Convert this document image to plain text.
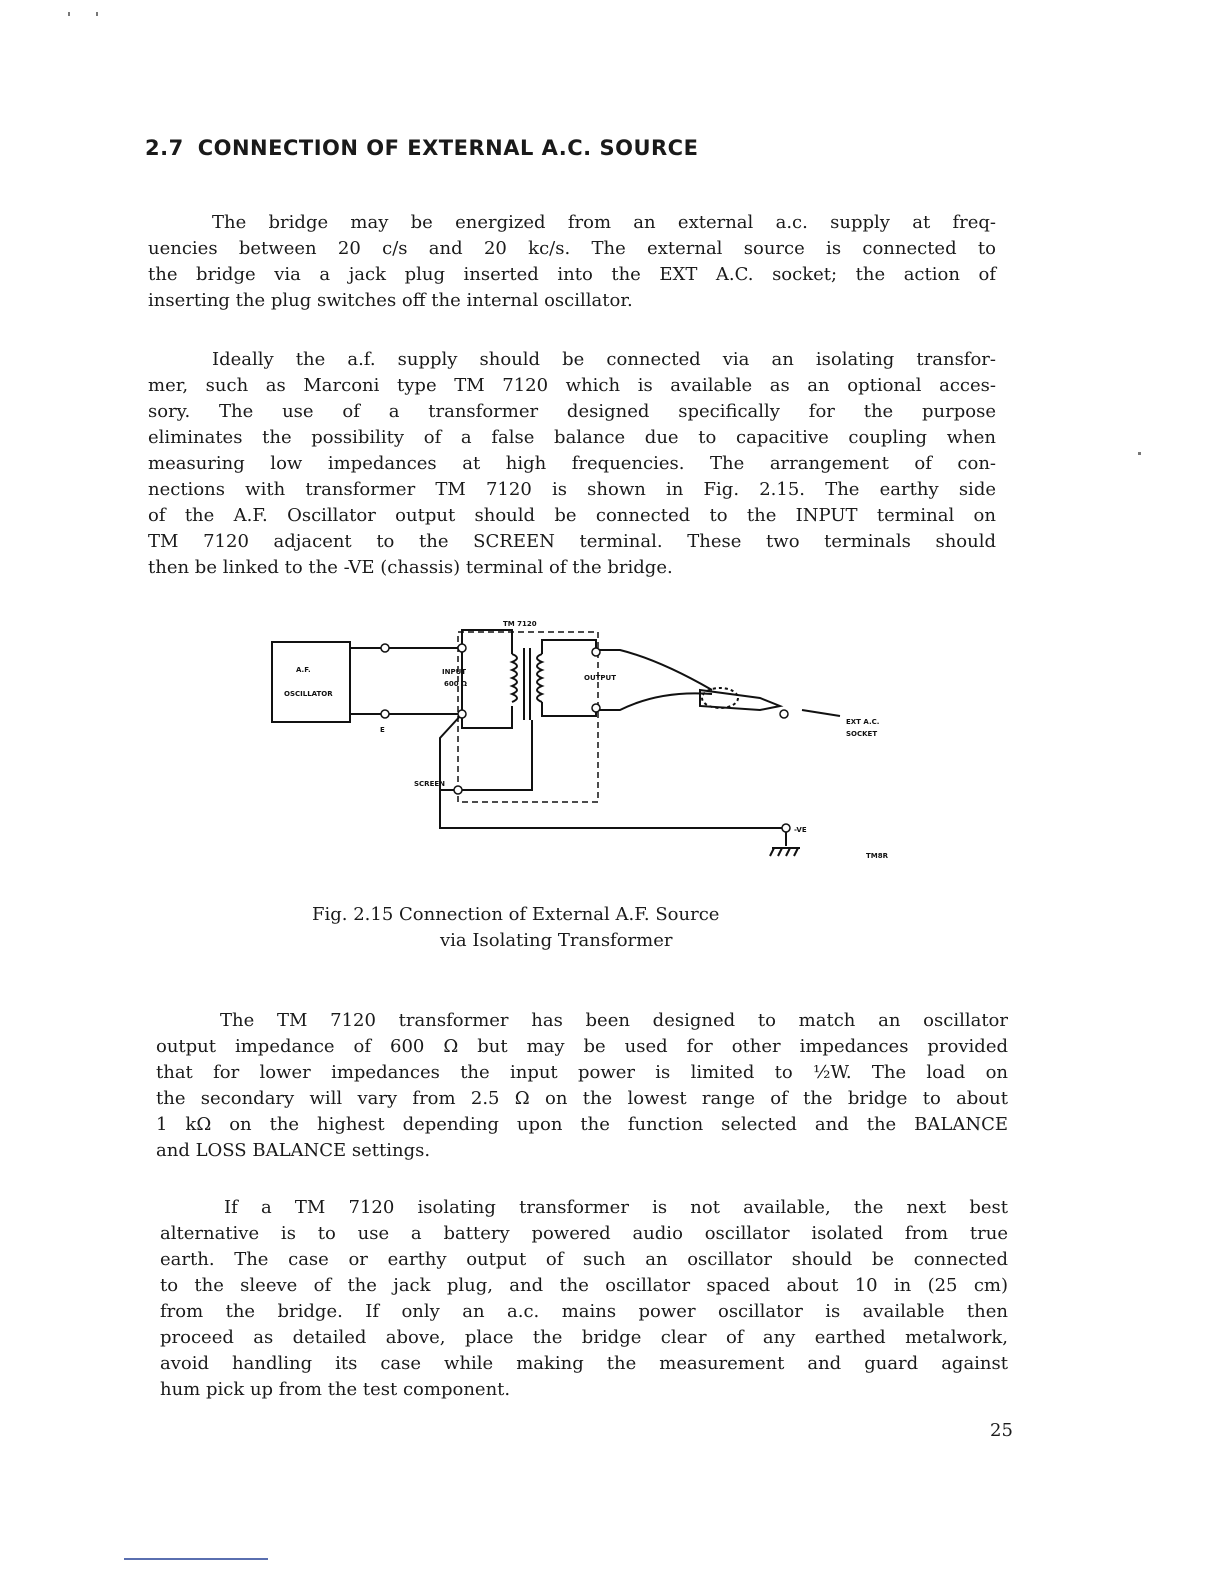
2.7 CONNECTION OF EXTERNAL A.C. SOURCE
The bridge may be energized from an external a.c. supply at freq-
uencies between 20 c/s and 20 kc/s. The external source is connected to
the bridge via a jack plug inserted into the EXT A.C. socket; the action of
inserting the plug switches off the internal oscillator.
Ideally the a.f. supply should be connected via an isolating transfor-
mer, such as Marconi type TM 7120 which is available as an optional acces-
sory. The use of a transformer designed specifically for the purpose
eliminates the possibility of a false balance due to capacitive coupling when
measuring low impedances at high frequencies. The arrangement of con-
nections with transformer TM 7120 is shown in Fig. 2.15. The earthy side
of the A.F. Oscillator output should be connected to the INPUT terminal on
TM 7120 adjacent to the SCREEN terminal. These two terminals should
then be linked to the -VE (chassis) terminal of the bridge.
TM 7120
A.F.
OSCILLATOR
E
INPUT
600 Ω
OUTPUT
SCREEN
EXT A.C.
SOCKET
-VE
TM8R
Fig. 2.15 Connection of External A.F. Source
via Isolating Transformer
The TM 7120 transformer has been designed to match an oscillator
output impedance of 600 Ω but may be used for other impedances provided
that for lower impedances the input power is limited to ½W. The load on
the secondary will vary from 2.5 Ω on the lowest range of the bridge to about
1 kΩ on the highest depending upon the function selected and the BALANCE
and LOSS BALANCE settings.
If a TM 7120 isolating transformer is not available, the next best
alternative is to use a battery powered audio oscillator isolated from true
earth. The case or earthy output of such an oscillator should be connected
to the sleeve of the jack plug, and the oscillator spaced about 10 in (25 cm)
from the bridge. If only an a.c. mains power oscillator is available then
proceed as detailed above, place the bridge clear of any earthed metalwork,
avoid handling its case while making the measurement and guard against
hum pick up from the test component.
25
